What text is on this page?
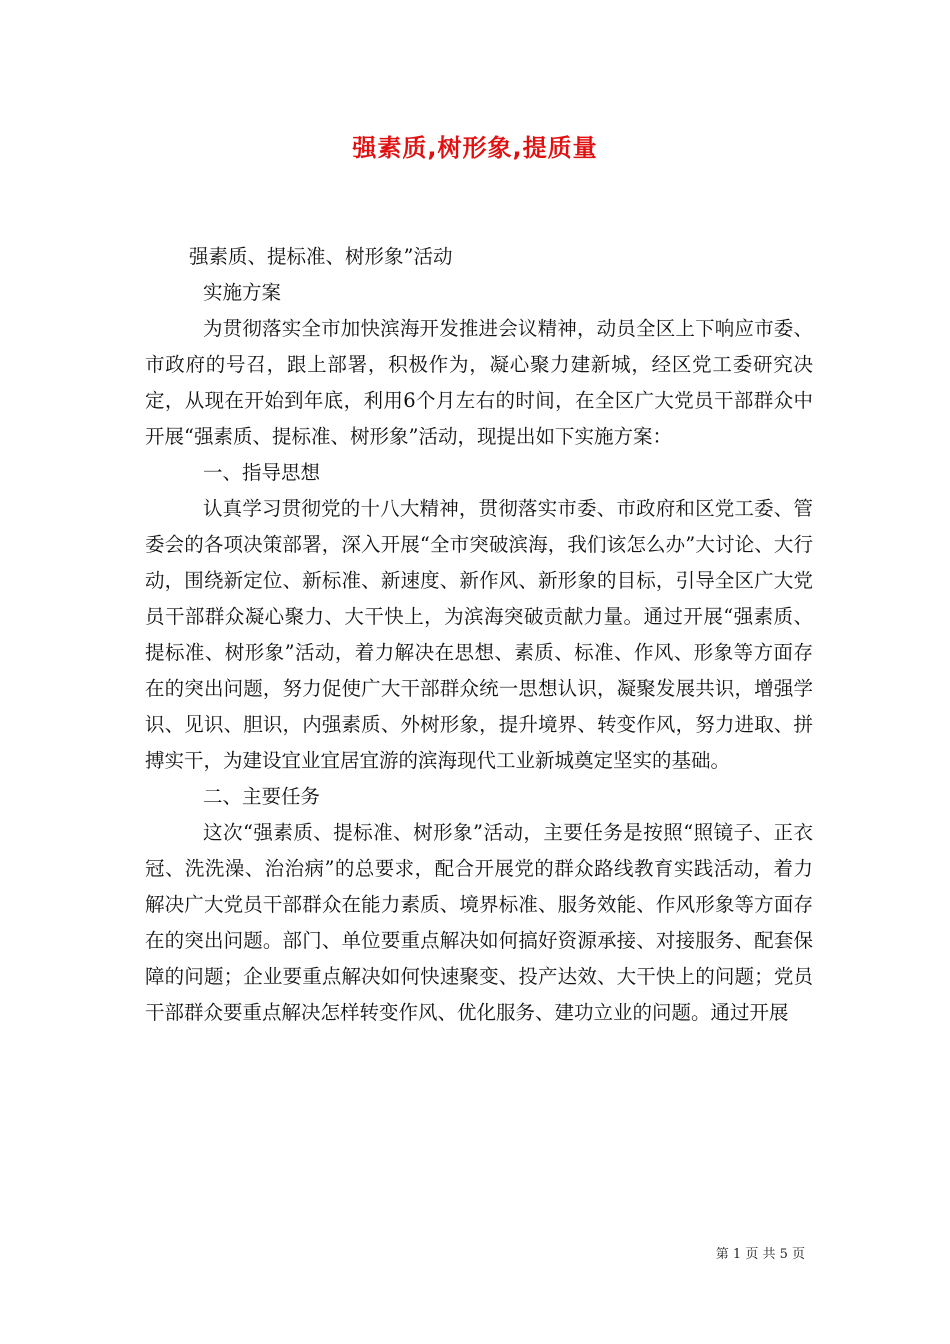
强素质,树形象,提质量

强素质、提标准、树形象”活动

实施方案

为贯彻落实全市加快滨海开发推进会议精神，动员全区上下响应市委、市政府的号召，跟上部署，积极作为，凝心聚力建新城，经区党工委研究决定，从现在开始到年底，利用6个月左右的时间，在全区广大党员干部群众中开展“强素质、提标准、树形象”活动，现提出如下实施方案：

一、指导思想

认真学习贯彻党的十八大精神，贯彻落实市委、市政府和区党工委、管委会的各项决策部署，深入开展“全市突破滨海，我们该怎么办”大讨论、大行动，围绕新定位、新标准、新速度、新作风、新形象的目标，引导全区广大党员干部群众凝心聚力、大干快上，为滨海突破贡献力量。通过开展“强素质、提标准、树形象”活动，着力解决在思想、素质、标准、作风、形象等方面存在的突出问题，努力促使广大干部群众统一思想认识，凝聚发展共识，增强学识、见识、胆识，内强素质、外树形象，提升境界、转变作风，努力进取、拼搏实干，为建设宜业宜居宜游的滨海现代工业新城奠定坚实的基础。

二、主要任务

这次“强素质、提标准、树形象”活动，主要任务是按照“照镜子、正衣冠、洗洗澡、治治病”的总要求，配合开展党的群众路线教育实践活动，着力解决广大党员干部群众在能力素质、境界标准、服务效能、作风形象等方面存在的突出问题。部门、单位要重点解决如何搞好资源承接、对接服务、配套保障的问题；企业要重点解决如何快速聚变、投产达效、大干快上的问题；党员干部群众要重点解决怎样转变作风、优化服务、建功立业的问题。通过开展

第 1 页 共 5 页
